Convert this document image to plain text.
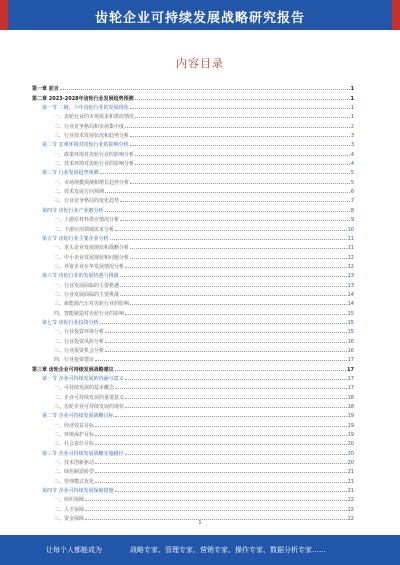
齿轮企业可持续发展战略研究报告
内容目录
第一章 前言	1
第二章 2023-2028年齿轮行业发展趋势预测	1
第一节 二级、六年齿轮行业的发展现状	1
一、齿轮行业的市场需求和供给情况	1
二、行业竞争格局和市场集中度	2
三、行业技术发展状况和趋势分析	3
第二节 宏观环境对齿轮行业的影响分析	3
一、政策环境对齿轮行业的影响分析	4
二、技术环境对齿轮行业的影响分析	4
第三节 行业发展趋势预测	5
一、市场规模预测和增长趋势分析	5
二、技术发展方向预测	6
三、行业竞争格局的变化趋势	7
第四节 齿轮行业产业链分析	8
一、上游原材料供应情况分析	9
二、下游应用领域需求分析	10
第五节 齿轮行业主要企业分析	11
一、龙头企业发展现状和战略分析	11
二、中小企业发展现状和问题分析	12
三、外资企业在华发展情况分析	12
第六节 齿轮行业的发展机遇与挑战	13
一、行业发展面临的主要机遇	13
二、行业发展面临的主要挑战	14
三、新能源汽车对齿轮行业的影响	14
四、智能制造对齿轮行业的影响	15
第七节 齿轮行业投资分析	15
一、行业投资环境分析	15
二、行业投资风险分析	16
三、行业投资机会分析	16
四、行业投资建议	17
第三章 齿轮企业可持续发展战略建议	17
第一节 企业可持续发展的内涵与意义	17
一、可持续发展的基本概念	17
二、企业可持续发展的重要意义	18
三、齿轮企业可持续发展的现状	18
第二节 企业可持续发展战略目标	19
一、经济效益目标	19
二、环境保护目标	19
三、社会责任目标	20
第三节 企业可持续发展战略实施路径	20
一、技术创新驱动	20
二、绿色制造转型	21
三、管理模式优化	21
第四节 企业可持续发展保障措施	21
一、组织保障	22
二、人才保障	22
三、资金保障	22
1
让每个人都能成为	战略专家、管理专家、营销专家、操作专家、数据分析专家……
